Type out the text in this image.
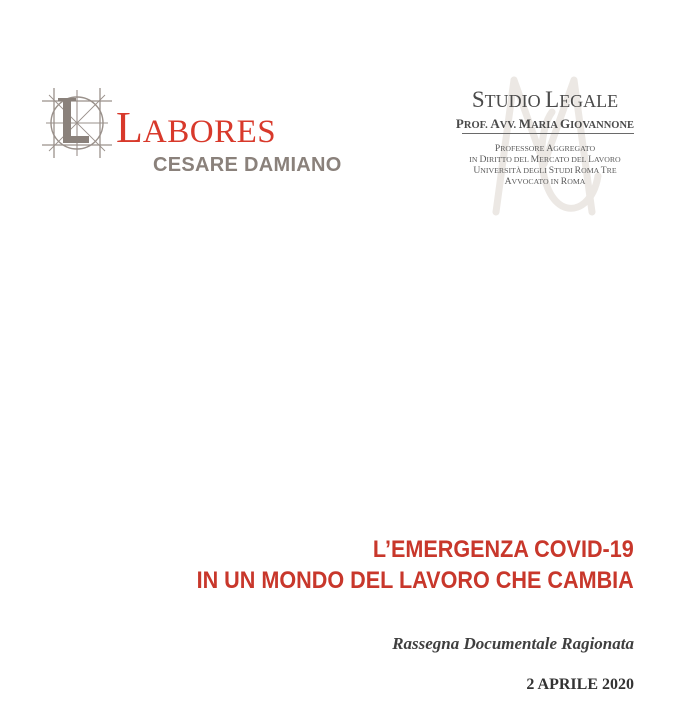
LABORES
CESARE DAMIANO
STUDIO LEGALE
PROF. AVV. MARIA GIOVANNONE
PROFESSORE AGGREGATO
IN DIRITTO DEL MERCATO DEL LAVORO
UNIVERSITÀ DEGLI STUDI ROMA TRE
AVVOCATO IN ROMA
L’EMERGENZA COVID-19
IN UN MONDO DEL LAVORO CHE CAMBIA
Rassegna Documentale Ragionata
2 APRILE 2020
